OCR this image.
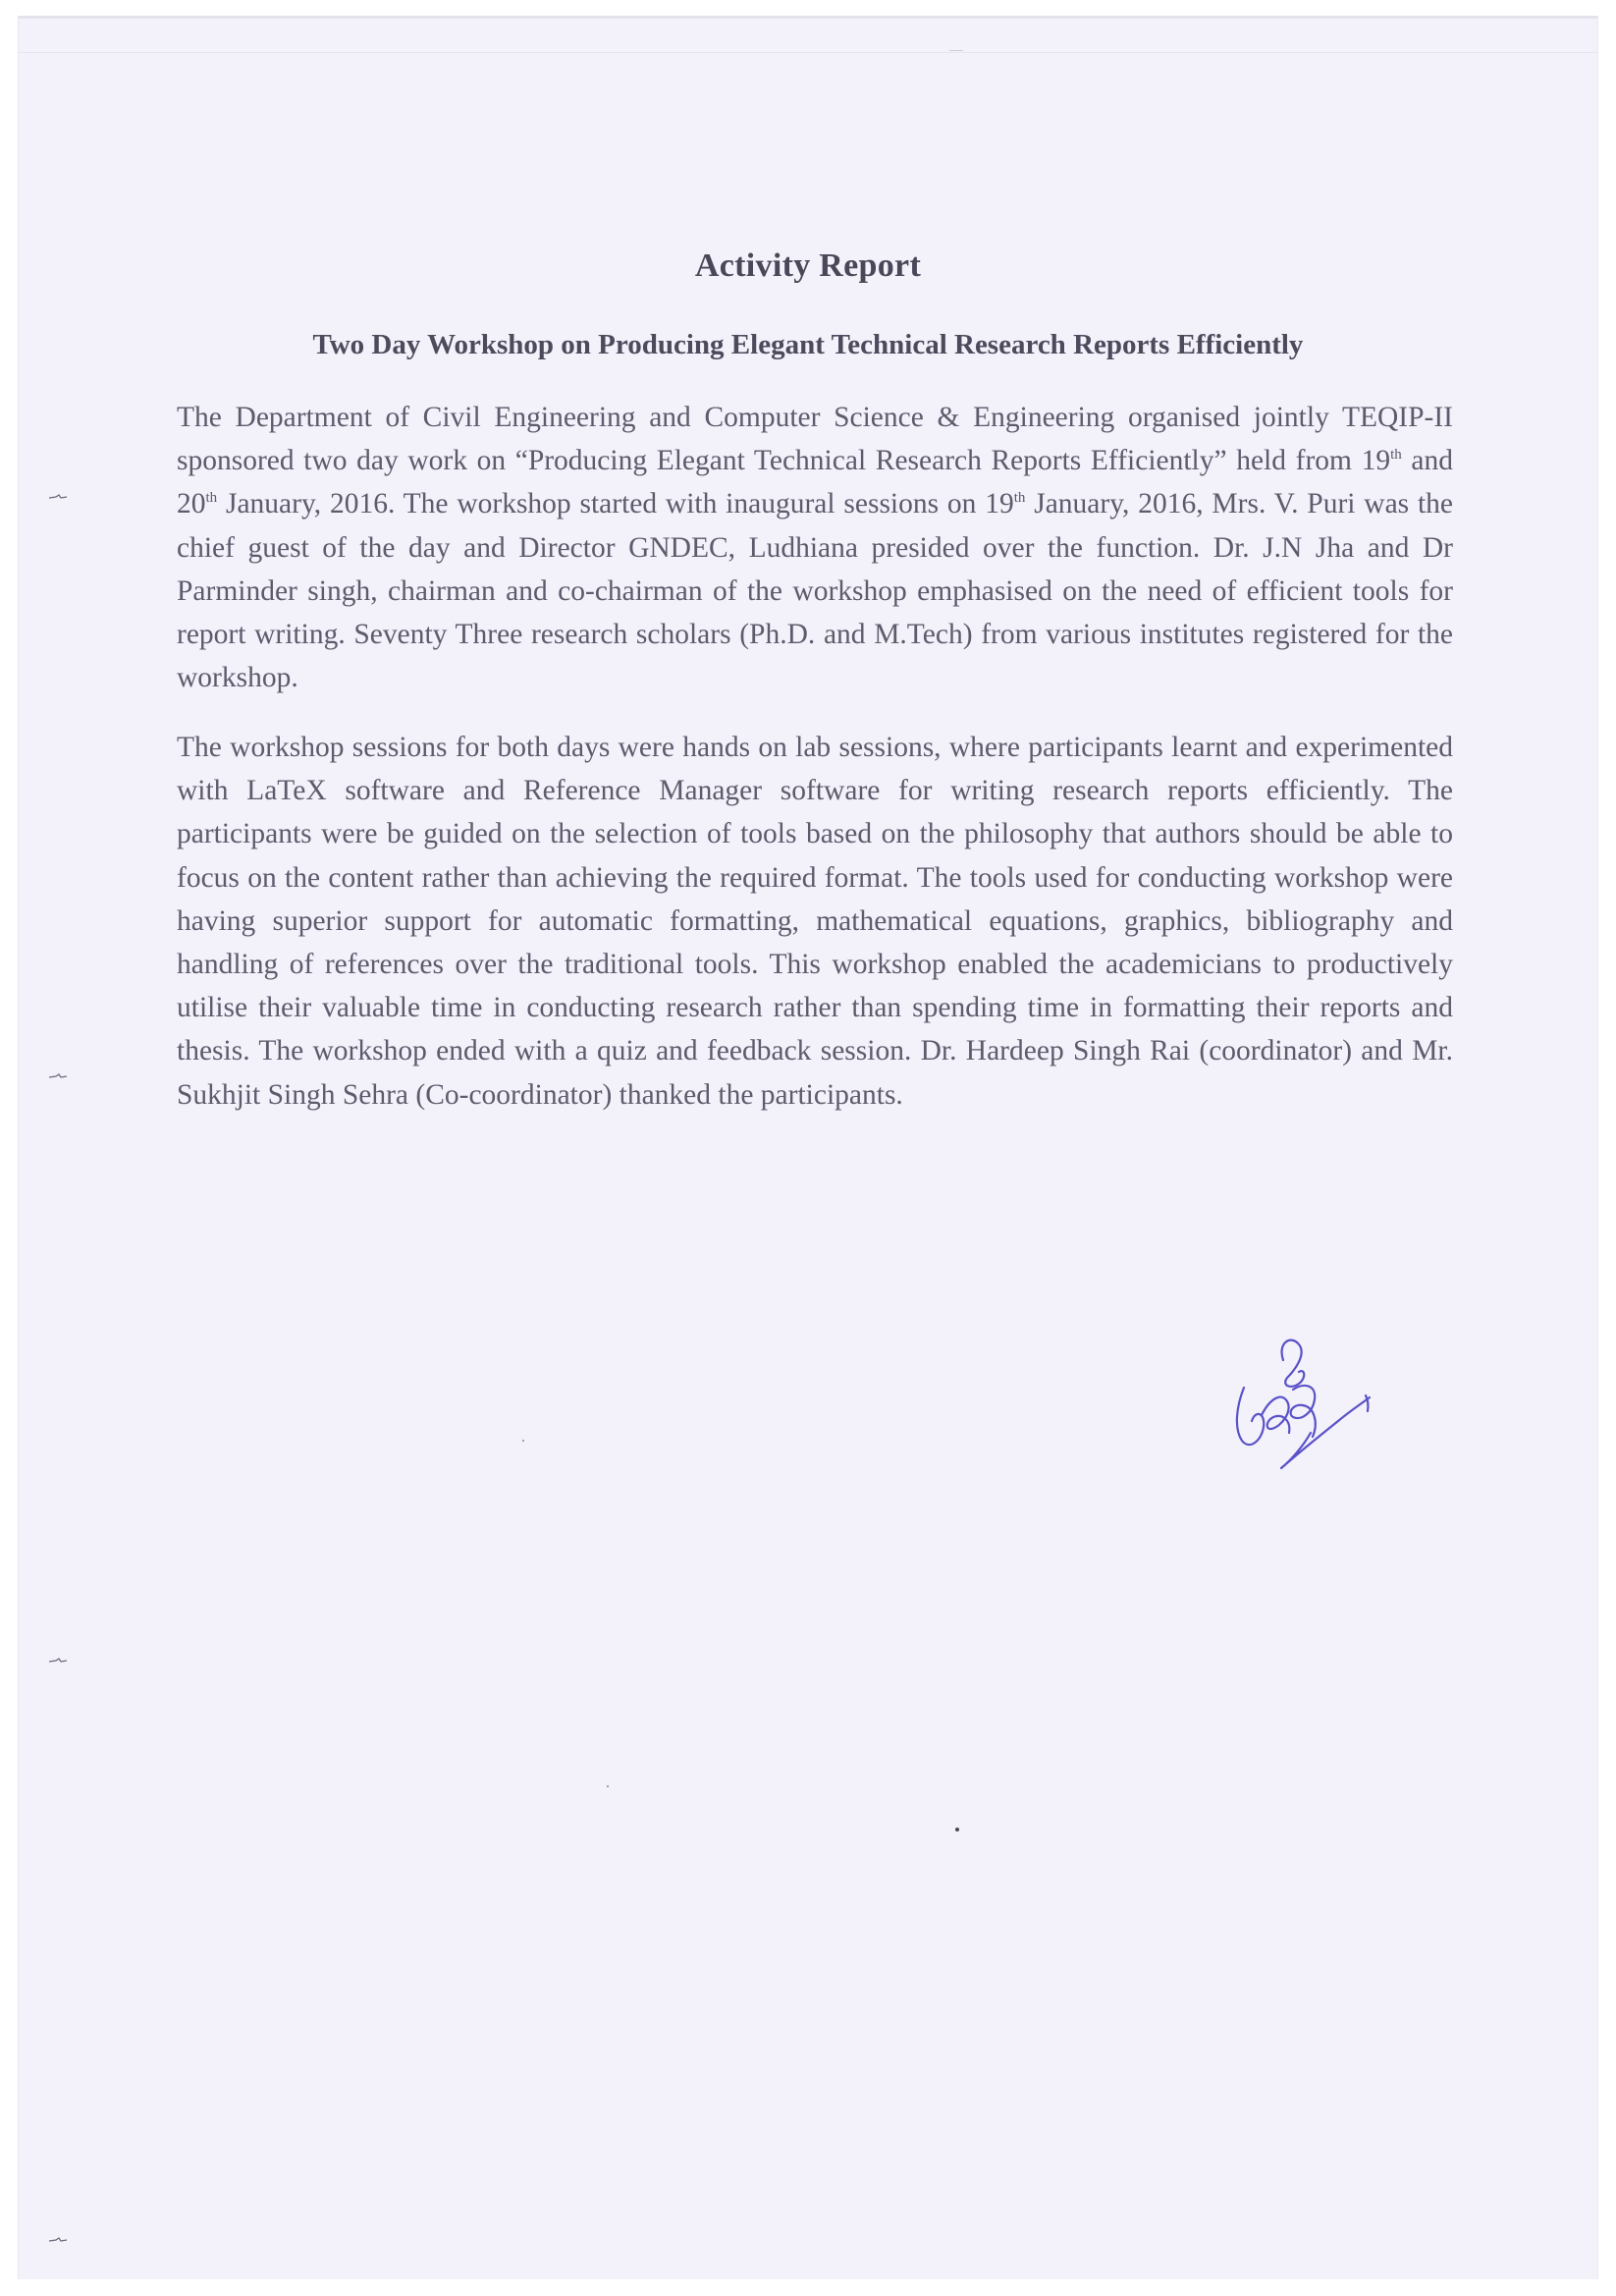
Activity Report
Two Day Workshop on Producing Elegant Technical Research Reports Efficiently

The Department of Civil Engineering and Computer Science & Engineering organised jointly TEQIP-II sponsored two day work on “Producing Elegant Technical Research Reports Efficiently” held from 19th and 20th January, 2016. The workshop started with inaugural sessions on 19th January, 2016, Mrs. V. Puri was the chief guest of the day and Director GNDEC, Ludhiana presided over the function. Dr. J.N Jha and Dr Parminder singh, chairman and co-chairman of the workshop emphasised on the need of efficient tools for report writing. Seventy Three research scholars (Ph.D. and M.Tech) from various institutes registered for the workshop.

The workshop sessions for both days were hands on lab sessions, where participants learnt and experimented with LaTeX software and Reference Manager software for writing research reports efficiently. The participants were be guided on the selection of tools based on the philosophy that authors should be able to focus on the content rather than achieving the required format. The tools used for conducting workshop were having superior support for automatic formatting, mathematical equations, graphics, bibliography and handling of references over the traditional tools. This workshop enabled the academicians to productively utilise their valuable time in conducting research rather than spending time in formatting their reports and thesis. The workshop ended with a quiz and feedback session. Dr. Hardeep Singh Rai (coordinator) and Mr. Sukhjit Singh Sehra (Co-coordinator) thanked the participants.
